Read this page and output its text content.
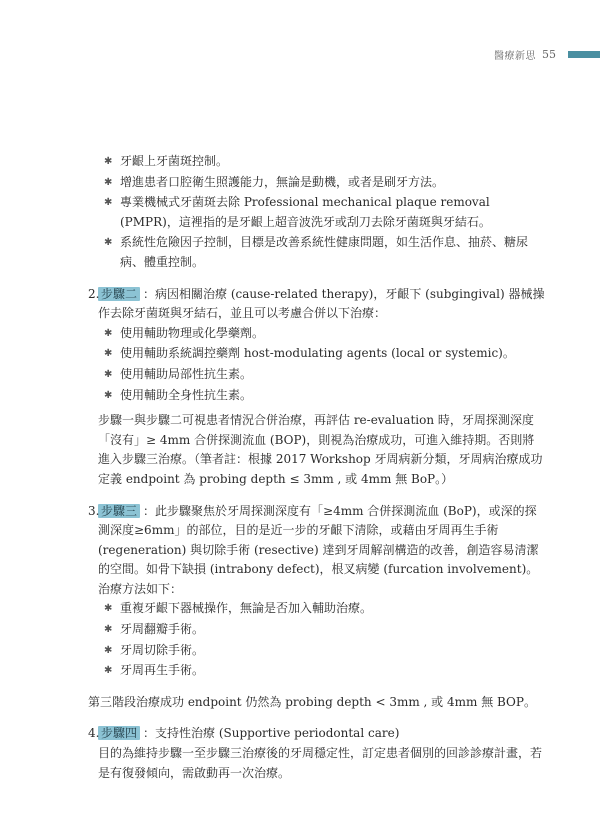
醫療新思 55
✱ 牙齦上牙菌斑控制。
✱ 增進患者口腔衛生照護能力，無論是動機，或者是刷牙方法。
✱ 專業機械式牙菌斑去除 Professional mechanical plaque removal (PMPR)，這裡指的是牙齦上超音波洗牙或刮刀去除牙菌斑與牙結石。
✱ 系統性危險因子控制，目標是改善系統性健康問題，如生活作息、抽菸、糖尿病、體重控制。
2. 步驟二 ：病因相關治療 (cause-related therapy)，牙齦下 (subgingival) 器械操作去除牙菌斑與牙結石，並且可以考慮合併以下治療：
✱ 使用輔助物理或化學藥劑。
✱ 使用輔助系統調控藥劑 host-modulating agents (local or systemic)。
✱ 使用輔助局部性抗生素。
✱ 使用輔助全身性抗生素。

步驟一與步驟二可視患者情況合併治療，再評估 re-evaluation 時，牙周探測深度「沒有」≥ 4mm 合併探測流血 (BOP)，則視為治療成功，可進入維持期。否則將進入步驟三治療。（筆者註：根據 2017 Workshop 牙周病新分類，牙周病治療成功定義 endpoint 為 probing depth ≤ 3mm , 或 4mm 無 BoP。）

3. 步驟三 ：此步驟聚焦於牙周探測深度有「≥4mm 合併探測流血 (BoP)，或深的探測深度≥6mm」的部位，目的是近一步的牙齦下清除，或藉由牙周再生手術(regeneration) 與切除手術 (resective) 達到牙周解剖構造的改善，創造容易清潔的空間。如骨下缺損 (intrabony defect)，根叉病變 (furcation involvement)。治療方法如下：
✱ 重複牙齦下器械操作，無論是否加入輔助治療。
✱ 牙周翻瓣手術。
✱ 牙周切除手術。
✱ 牙周再生手術。
第三階段治療成功 endpoint 仍然為 probing depth < 3mm , 或 4mm 無 BOP。
4. 步驟四 ：支持性治療 (Supportive periodontal care)

目的為維持步驟一至步驟三治療後的牙周穩定性，訂定患者個別的回診診療計畫，若是有復發傾向，需啟動再一次治療。
